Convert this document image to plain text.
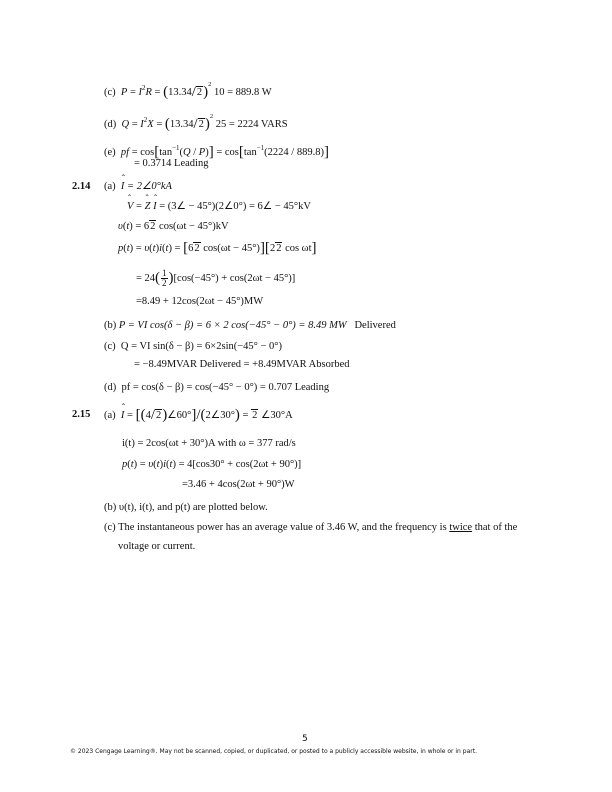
(c) $P = I^2R = (13.34/2)^2$ 10 = 889.8 W
(d) $Q = I^2X = (13.34/2)^2$ 25 = 2224 VARS
(e) pf = $\cos[\tan^{-1}(Q / P)] = \cos[\tan^{-1}(2224 / 889.8)]$
= 0.3714 Leading
2.14 (a) ˆ I = 2∠0°kA
ˆ V = ˆ Z ˆ I = (3∠ − 45°)(2∠0°) = 6∠ − 45°kV
υ(t) = 62 cos(ωt − 45°)kV
p(t) = υ(t)i(t) = [62 cos(ωt − 45°)][22 cos ωt]
= $24( \frac{1}{2} )[\cos(-45^\circ) + \cos(2\omega t - 45^\circ)]$
=8.49 + 12cos(2ωt − 45°)MW
(b) P = VI cos(δ − β) = 6 × 2 cos(−45° − 0°) = 8.49 MW Delivered
(c) Q = VI sin(δ − β) = 6×2sin(−45° − 0°)
= −8.49MVAR Delivered = +8.49MVAR Absorbed
(d) pf = cos(δ − β) = cos(−45° − 0°) = 0.707 Leading
2.15 (a) ˆ I = [(4/2)∠60°]/(2∠30°) = 2 ∠30°A
i(t) = 2cos(ωt + 30°)A with ω = 377 rad/s
p(t) = υ(t)i(t) = 4[cos30° + cos(2ωt + 90°)]
=3.46 + 4cos(2ωt + 90°)W
(b) υ(t), i(t), and p(t) are plotted below.
(c) The instantaneous power has an average value of 3.46 W, and the frequency is twice that of the
voltage or current.
5
© 2023 Cengage Learning®. May not be scanned, copied, or duplicated, or posted to a publicly accessible website, in whole or in part.
